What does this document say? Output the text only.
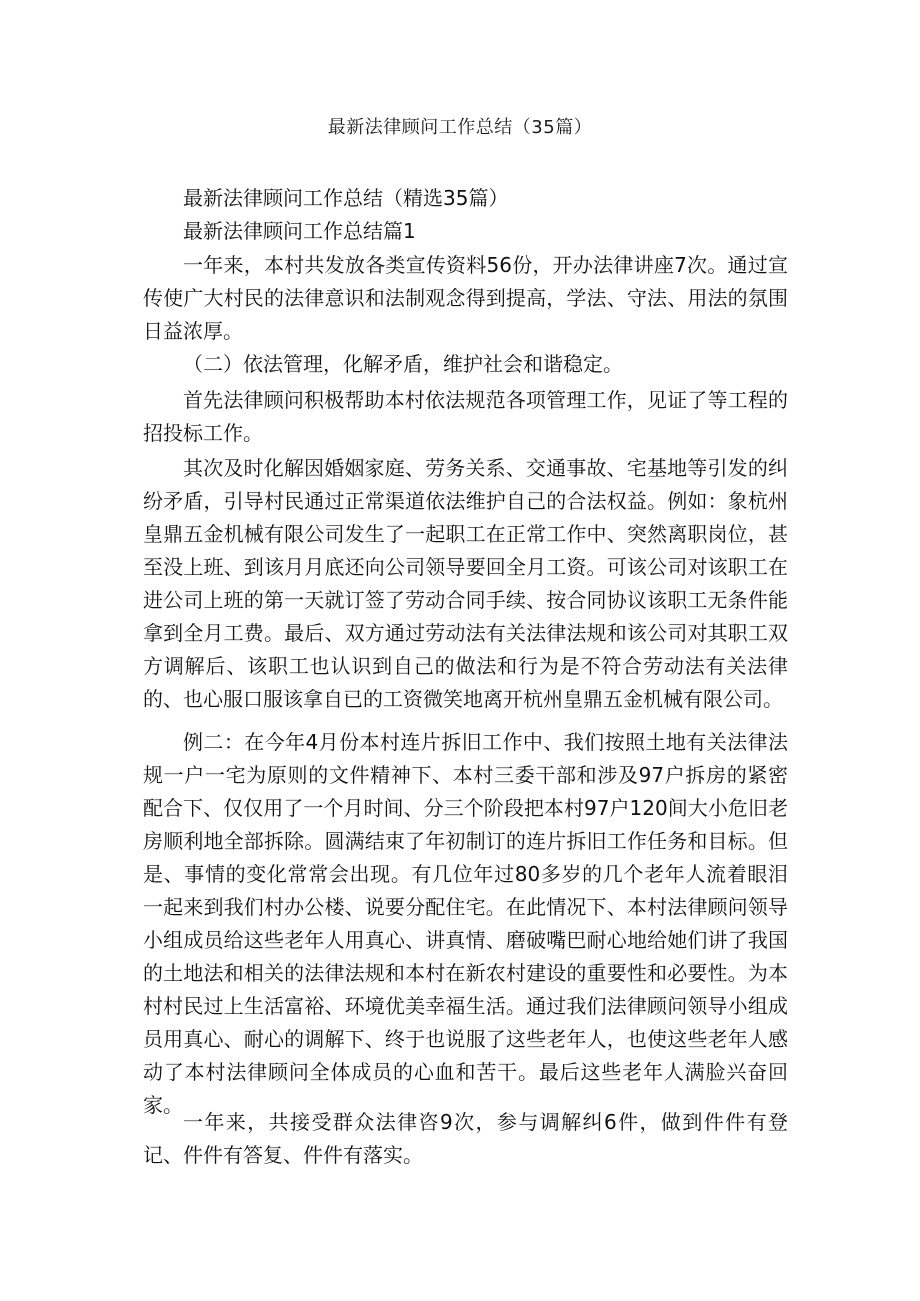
最新法律顾问工作总结（35篇）

最新法律顾问工作总结（精选35篇）

最新法律顾问工作总结篇1

一年来，本村共发放各类宣传资料56份，开办法律讲座7次。通过宣传使广大村民的法律意识和法制观念得到提高，学法、守法、用法的氛围日益浓厚。

（二）依法管理，化解矛盾，维护社会和谐稳定。

首先法律顾问积极帮助本村依法规范各项管理工作，见证了等工程的招投标工作。

其次及时化解因婚姻家庭、劳务关系、交通事故、宅基地等引发的纠纷矛盾，引导村民通过正常渠道依法维护自己的合法权益。例如：象杭州皇鼎五金机械有限公司发生了一起职工在正常工作中、突然离职岗位，甚至没上班、到该月月底还向公司领导要回全月工资。可该公司对该职工在进公司上班的第一天就订签了劳动合同手续、按合同协议该职工无条件能拿到全月工费。最后、双方通过劳动法有关法律法规和该公司对其职工双方调解后、该职工也认识到自己的做法和行为是不符合劳动法有关法律的、也心服口服该拿自已的工资微笑地离开杭州皇鼎五金机械有限公司。

例二：在今年4月份本村连片拆旧工作中、我们按照土地有关法律法规一户一宅为原则的文件精神下、本村三委干部和涉及97户拆房的紧密配合下、仅仅用了一个月时间、分三个阶段把本村97户120间大小危旧老房顺利地全部拆除。圆满结束了年初制订的连片拆旧工作任务和目标。但是、事情的变化常常会出现。有几位年过80多岁的几个老年人流着眼泪一起来到我们村办公楼、说要分配住宅。在此情况下、本村法律顾问领导小组成员给这些老年人用真心、讲真情、磨破嘴巴耐心地给她们讲了我国的土地法和相关的法律法规和本村在新农村建设的重要性和必要性。为本村村民过上生活富裕、环境优美幸福生活。通过我们法律顾问领导小组成员用真心、耐心的调解下、终于也说服了这些老年人，也使这些老年人感动了本村法律顾问全体成员的心血和苦干。最后这些老年人满脸兴奋回家。

一年来，共接受群众法律咨9次，参与调解纠6件，做到件件有登记、件件有答复、件件有落实。
